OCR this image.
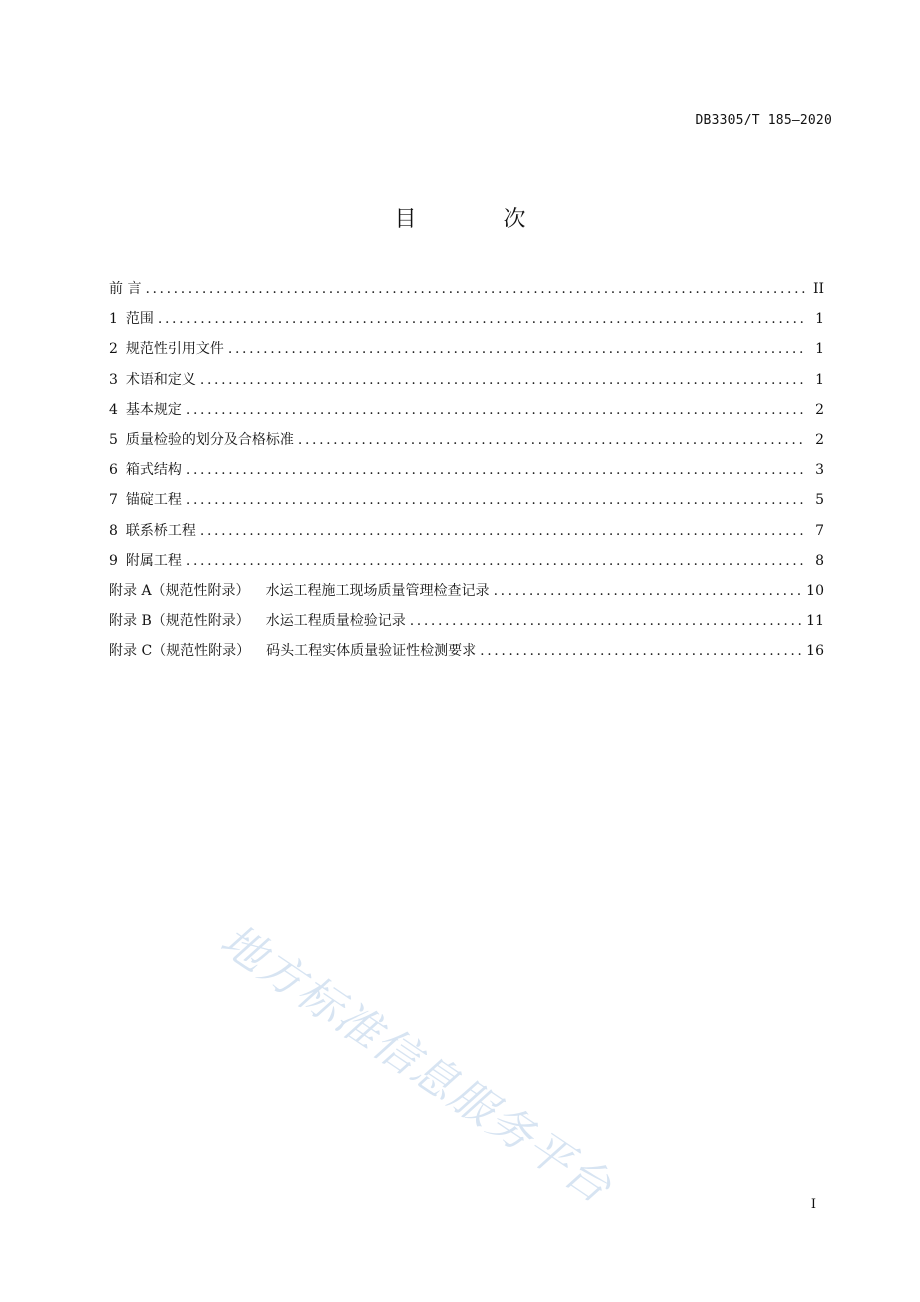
DB3305/T 185—2020
目 次
前 言 .....	II
1 范围 .....	1
2 规范性引用文件 .....	1
3 术语和定义 .....	1
4 基本规定 .....	2
5 质量检验的划分及合格标准 .....	2
6 箱式结构 .....	3
7 锚碇工程 .....	5
8 联系桥工程 .....	7
9 附属工程 .....	8
附录 A（规范性附录） 水运工程施工现场质量管理检查记录 .....	10
附录 B（规范性附录） 水运工程质量检验记录 .....	11
附录 C（规范性附录） 码头工程实体质量验证性检测要求 .....	16
地方标准信息服务平台	I
